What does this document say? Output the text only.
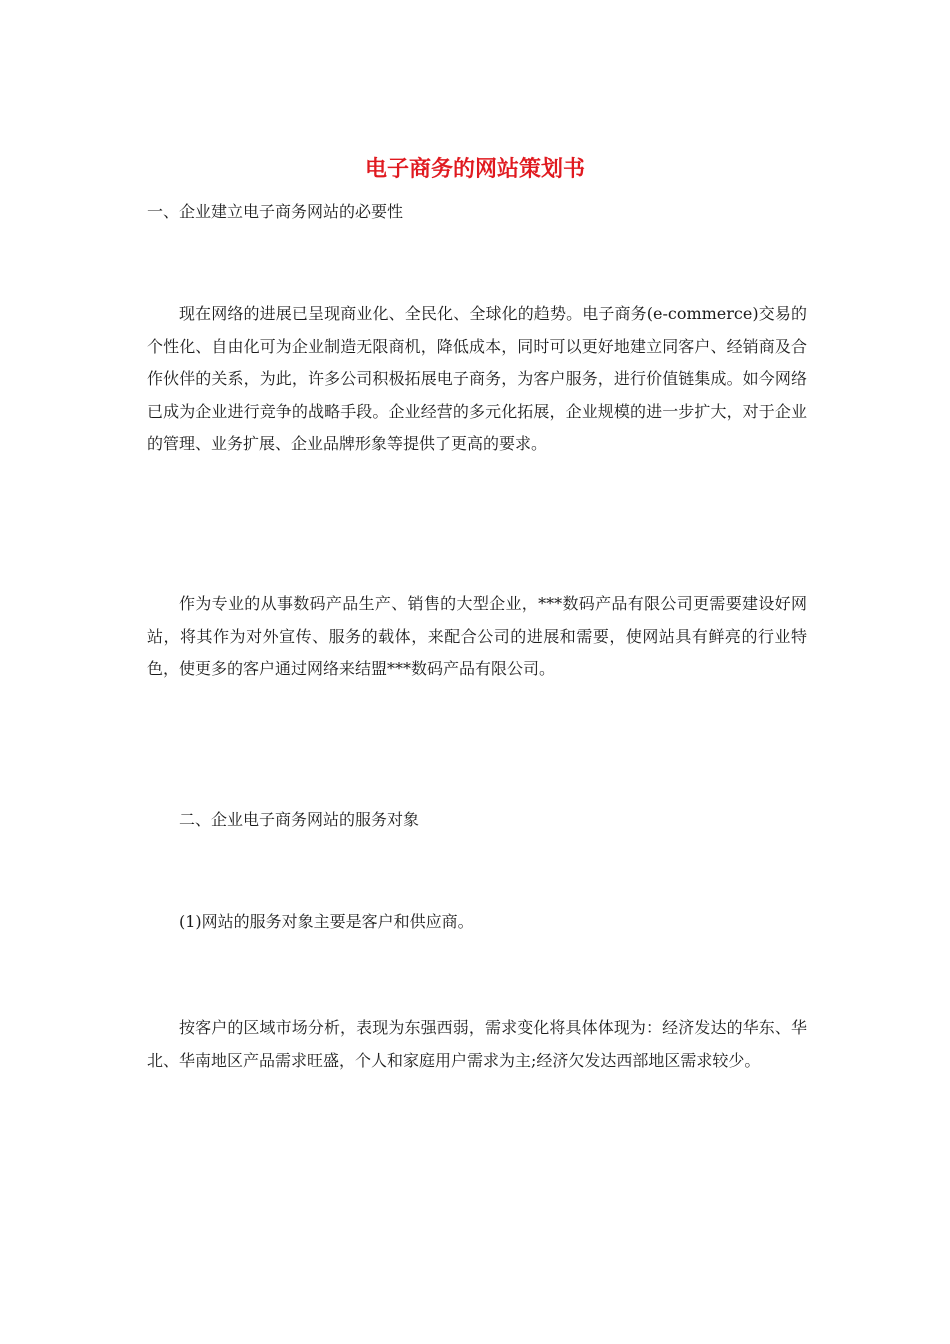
电子商务的网站策划书

一、企业建立电子商务网站的必要性

现在网络的进展已呈现商业化、全民化、全球化的趋势。电子商务(e-commerce)交易的个性化、自由化可为企业制造无限商机，降低成本，同时可以更好地建立同客户、经销商及合作伙伴的关系，为此，许多公司积极拓展电子商务，为客户服务，进行价值链集成。如今网络已成为企业进行竞争的战略手段。企业经营的多元化拓展，企业规模的进一步扩大，对于企业的管理、业务扩展、企业品牌形象等提供了更高的要求。

作为专业的从事数码产品生产、销售的大型企业，***数码产品有限公司更需要建设好网站，将其作为对外宣传、服务的载体，来配合公司的进展和需要，使网站具有鲜亮的行业特色，使更多的客户通过网络来结盟***数码产品有限公司。

二、企业电子商务网站的服务对象

(1)网站的服务对象主要是客户和供应商。

按客户的区域市场分析，表现为东强西弱，需求变化将具体体现为：经济发达的华东、华北、华南地区产品需求旺盛，个人和家庭用户需求为主;经济欠发达西部地区需求较少。
